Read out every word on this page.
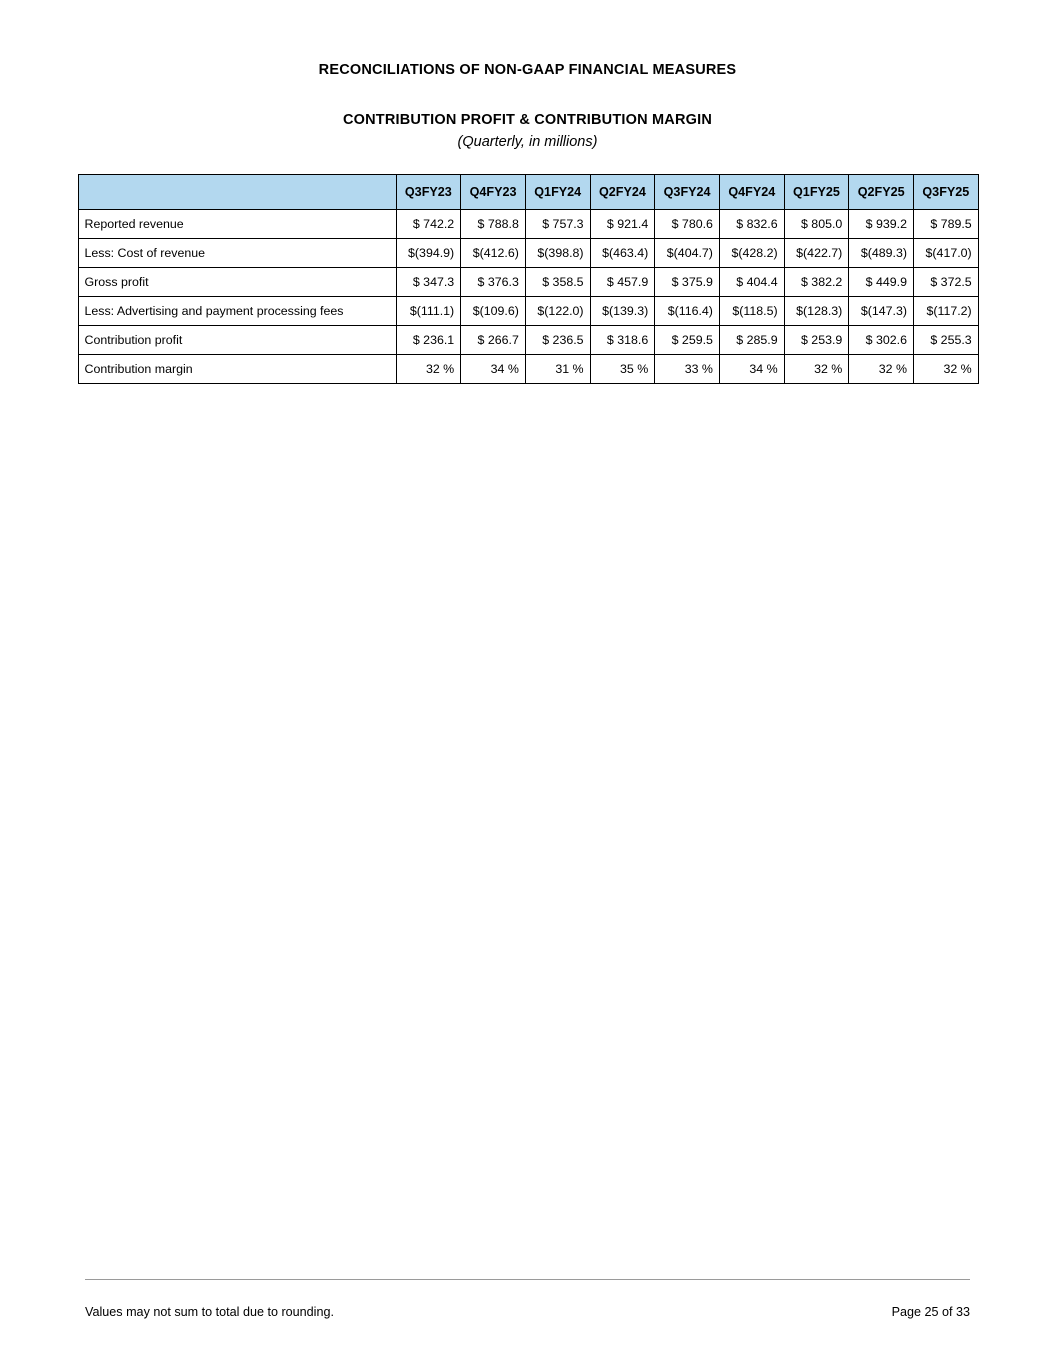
RECONCILIATIONS OF NON-GAAP FINANCIAL MEASURES
CONTRIBUTION PROFIT & CONTRIBUTION MARGIN
(Quarterly, in millions)
	Q3FY23	Q4FY23	Q1FY24	Q2FY24	Q3FY24	Q4FY24	Q1FY25	Q2FY25	Q3FY25
Reported revenue	$ 742.2	$ 788.8	$ 757.3	$ 921.4	$ 780.6	$ 832.6	$ 805.0	$ 939.2	$ 789.5
Less: Cost of revenue	$(394.9)	$(412.6)	$(398.8)	$(463.4)	$(404.7)	$(428.2)	$(422.7)	$(489.3)	$(417.0)
Gross profit	$ 347.3	$ 376.3	$ 358.5	$ 457.9	$ 375.9	$ 404.4	$ 382.2	$ 449.9	$ 372.5
Less: Advertising and payment processing fees	$(111.1)	$(109.6)	$(122.0)	$(139.3)	$(116.4)	$(118.5)	$(128.3)	$(147.3)	$(117.2)
Contribution profit	$ 236.1	$ 266.7	$ 236.5	$ 318.6	$ 259.5	$ 285.9	$ 253.9	$ 302.6	$ 255.3
Contribution margin	32 %	34 %	31 %	35 %	33 %	34 %	32 %	32 %	32 %
Values may not sum to total due to rounding.	Page 25 of 33
